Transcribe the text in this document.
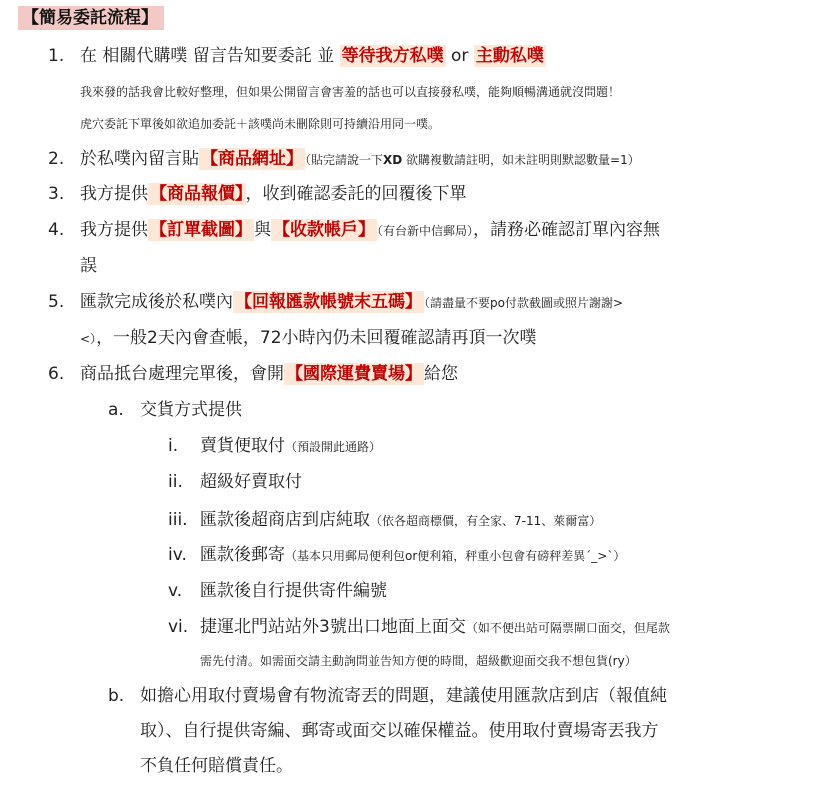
【簡易委託流程】
1. 在 相關代購噗 留言告知要委託 並 等待我方私噗 or 主動私噗
我來發的話我會比較好整理，但如果公開留言會害羞的話也可以直接發私噗，能夠順暢溝通就沒問題！
虎穴委託下單後如欲追加委託＋該噗尚未刪除則可持續沿用同一噗。
2. 於私噗內留言貼 【商品網址】 （貼完請說一下XD 欲購複數請註明，如未註明則默認數量=1）
3. 我方提供 【商品報價】 ，收到確認委託的回覆後下單
4. 我方提供 【訂單截圖】 與 【收款帳戶】 （有台新中信郵局），請務必確認訂單內容無
誤
5. 匯款完成後於私噗內 【回報匯款帳號末五碼】 （請盡量不要po付款截圖或照片謝謝>
<），一般2天內會查帳，72小時內仍未回覆確認請再頂一次噗
6. 商品抵台處理完單後，會開 【國際運費賣場】 給您
a. 交貨方式提供
i. 賣貨便取付（預設開此通路）
ii. 超級好賣取付
iii. 匯款後超商店到店純取（依各超商標價，有全家、7-11、萊爾富）
iv. 匯款後郵寄（基本只用郵局便利包or便利箱，秤重小包會有磅秤差異´_>`）
v. 匯款後自行提供寄件編號
vi. 捷運北門站站外3號出口地面上面交（如不便出站可隔票閘口面交，但尾款
需先付清。如需面交請主動詢問並告知方便的時間，超級歡迎面交我不想包貨(ry）
b. 如擔心用取付賣場會有物流寄丟的問題，建議使用匯款店到店（報值純
取）、自行提供寄編、郵寄或面交以確保權益。使用取付賣場寄丟我方
不負任何賠償責任。
